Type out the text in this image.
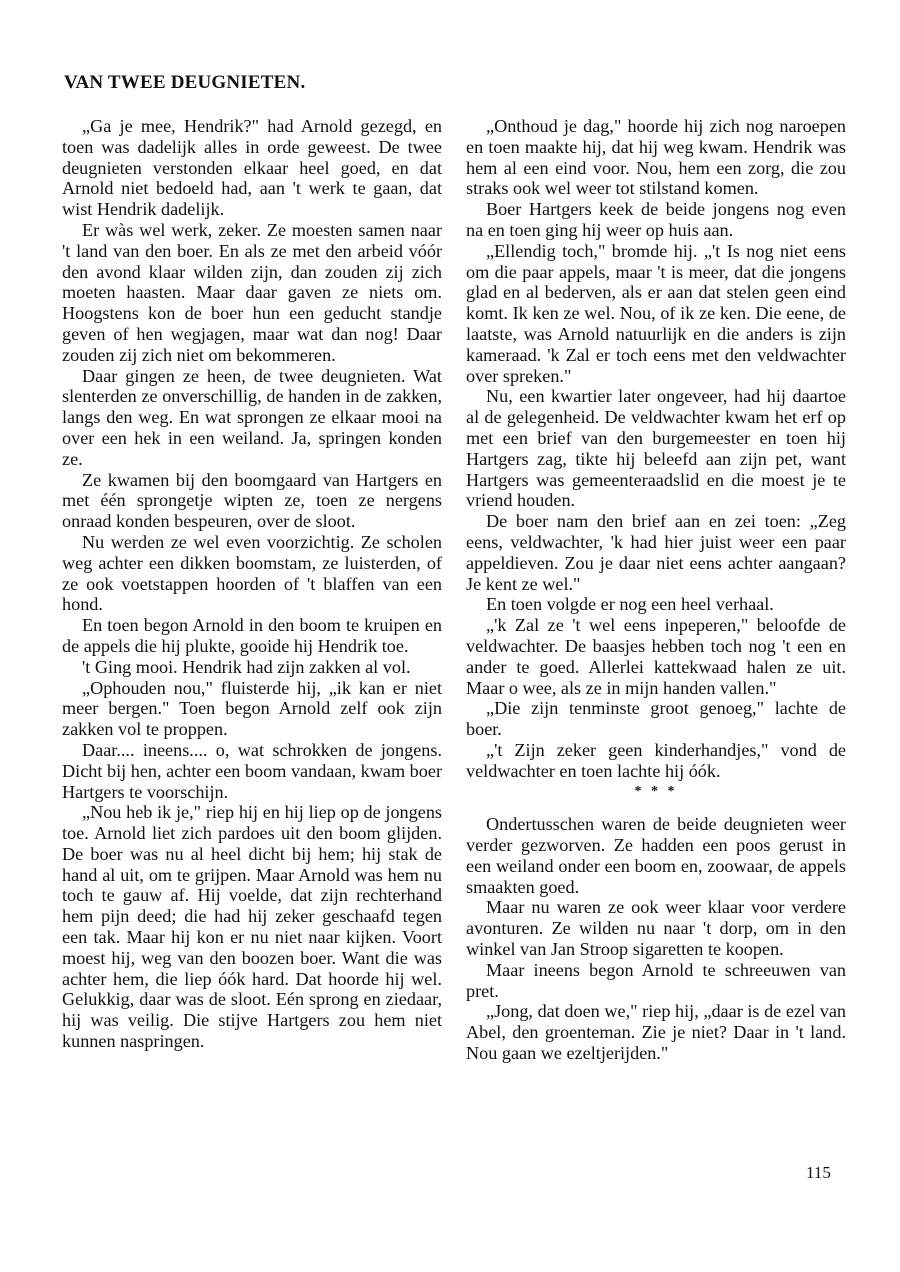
VAN TWEE DEUGNIETEN.

„Ga je mee, Hendrik?" had Arnold gezegd, en toen was dadelijk alles in orde geweest. De twee deugnieten verstonden elkaar heel goed, en dat Arnold niet bedoeld had, aan 't werk te gaan, dat wist Hendrik dadelijk.

Er wàs wel werk, zeker. Ze moesten samen naar 't land van den boer. En als ze met den arbeid vóór den avond klaar wilden zijn, dan zouden zij zich moeten haasten. Maar daar gaven ze niets om. Hoogstens kon de boer hun een geducht standje geven of hen wegjagen, maar wat dan nog! Daar zouden zij zich niet om bekommeren.

Daar gingen ze heen, de twee deugnieten. Wat slenterden ze onverschillig, de handen in de zakken, langs den weg. En wat sprongen ze elkaar mooi na over een hek in een weiland. Ja, springen konden ze.

Ze kwamen bij den boomgaard van Hartgers en met één sprongetje wipten ze, toen ze nergens onraad konden bespeuren, over de sloot.

Nu werden ze wel even voorzichtig. Ze scholen weg achter een dikken boomstam, ze luisterden, of ze ook voetstappen hoorden of 't blaffen van een hond.

En toen begon Arnold in den boom te kruipen en de appels die hij plukte, gooide hij Hendrik toe.

't Ging mooi. Hendrik had zijn zakken al vol.

„Ophouden nou," fluisterde hij, „ik kan er niet meer bergen." Toen begon Arnold zelf ook zijn zakken vol te proppen.

Daar.... ineens.... o, wat schrokken de jongens. Dicht bij hen, achter een boom vandaan, kwam boer Hartgers te voorschijn.

„Nou heb ik je," riep hij en hij liep op de jongens toe. Arnold liet zich pardoes uit den boom glijden. De boer was nu al heel dicht bij hem; hij stak de hand al uit, om te grijpen. Maar Arnold was hem nu toch te gauw af. Hij voelde, dat zijn rechterhand hem pijn deed; die had hij zeker geschaafd tegen een tak. Maar hij kon er nu niet naar kijken. Voort moest hij, weg van den boozen boer. Want die was achter hem, die liep óók hard. Dat hoorde hij wel. Gelukkig, daar was de sloot. Eén sprong en ziedaar, hij was veilig. Die stijve Hartgers zou hem niet kunnen naspringen.

„Onthoud je dag," hoorde hij zich nog naroepen en toen maakte hij, dat hij weg kwam. Hendrik was hem al een eind voor. Nou, hem een zorg, die zou straks ook wel weer tot stilstand komen.

Boer Hartgers keek de beide jongens nog even na en toen ging hij weer op huis aan.

„Ellendig toch," bromde hij. „'t Is nog niet eens om die paar appels, maar 't is meer, dat die jongens glad en al bederven, als er aan dat stelen geen eind komt. Ik ken ze wel. Nou, of ik ze ken. Die eene, de laatste, was Arnold natuurlijk en die anders is zijn kameraad. 'k Zal er toch eens met den veldwachter over spreken."

Nu, een kwartier later ongeveer, had hij daartoe al de gelegenheid. De veldwachter kwam het erf op met een brief van den burgemeester en toen hij Hartgers zag, tikte hij beleefd aan zijn pet, want Hartgers was gemeenteraadslid en die moest je te vriend houden.

De boer nam den brief aan en zei toen: „Zeg eens, veldwachter, 'k had hier juist weer een paar appeldieven. Zou je daar niet eens achter aangaan? Je kent ze wel."

En toen volgde er nog een heel verhaal.

„'k Zal ze 't wel eens inpeperen," beloofde de veldwachter. De baasjes hebben toch nog 't een en ander te goed. Allerlei kattekwaad halen ze uit. Maar o wee, als ze in mijn handen vallen."

„Die zijn tenminste groot genoeg," lachte de boer.

„'t Zijn zeker geen kinderhandjes," vond de veldwachter en toen lachte hij óók.

* * *

Ondertusschen waren de beide deugnieten weer verder gezworven. Ze hadden een poos gerust in een weiland onder een boom en, zoowaar, de appels smaakten goed.

Maar nu waren ze ook weer klaar voor verdere avonturen. Ze wilden nu naar 't dorp, om in den winkel van Jan Stroop sigaretten te koopen.

Maar ineens begon Arnold te schreeuwen van pret.

„Jong, dat doen we," riep hij, „daar is de ezel van Abel, den groenteman. Zie je niet? Daar in 't land. Nou gaan we ezeltjerijden."

115
